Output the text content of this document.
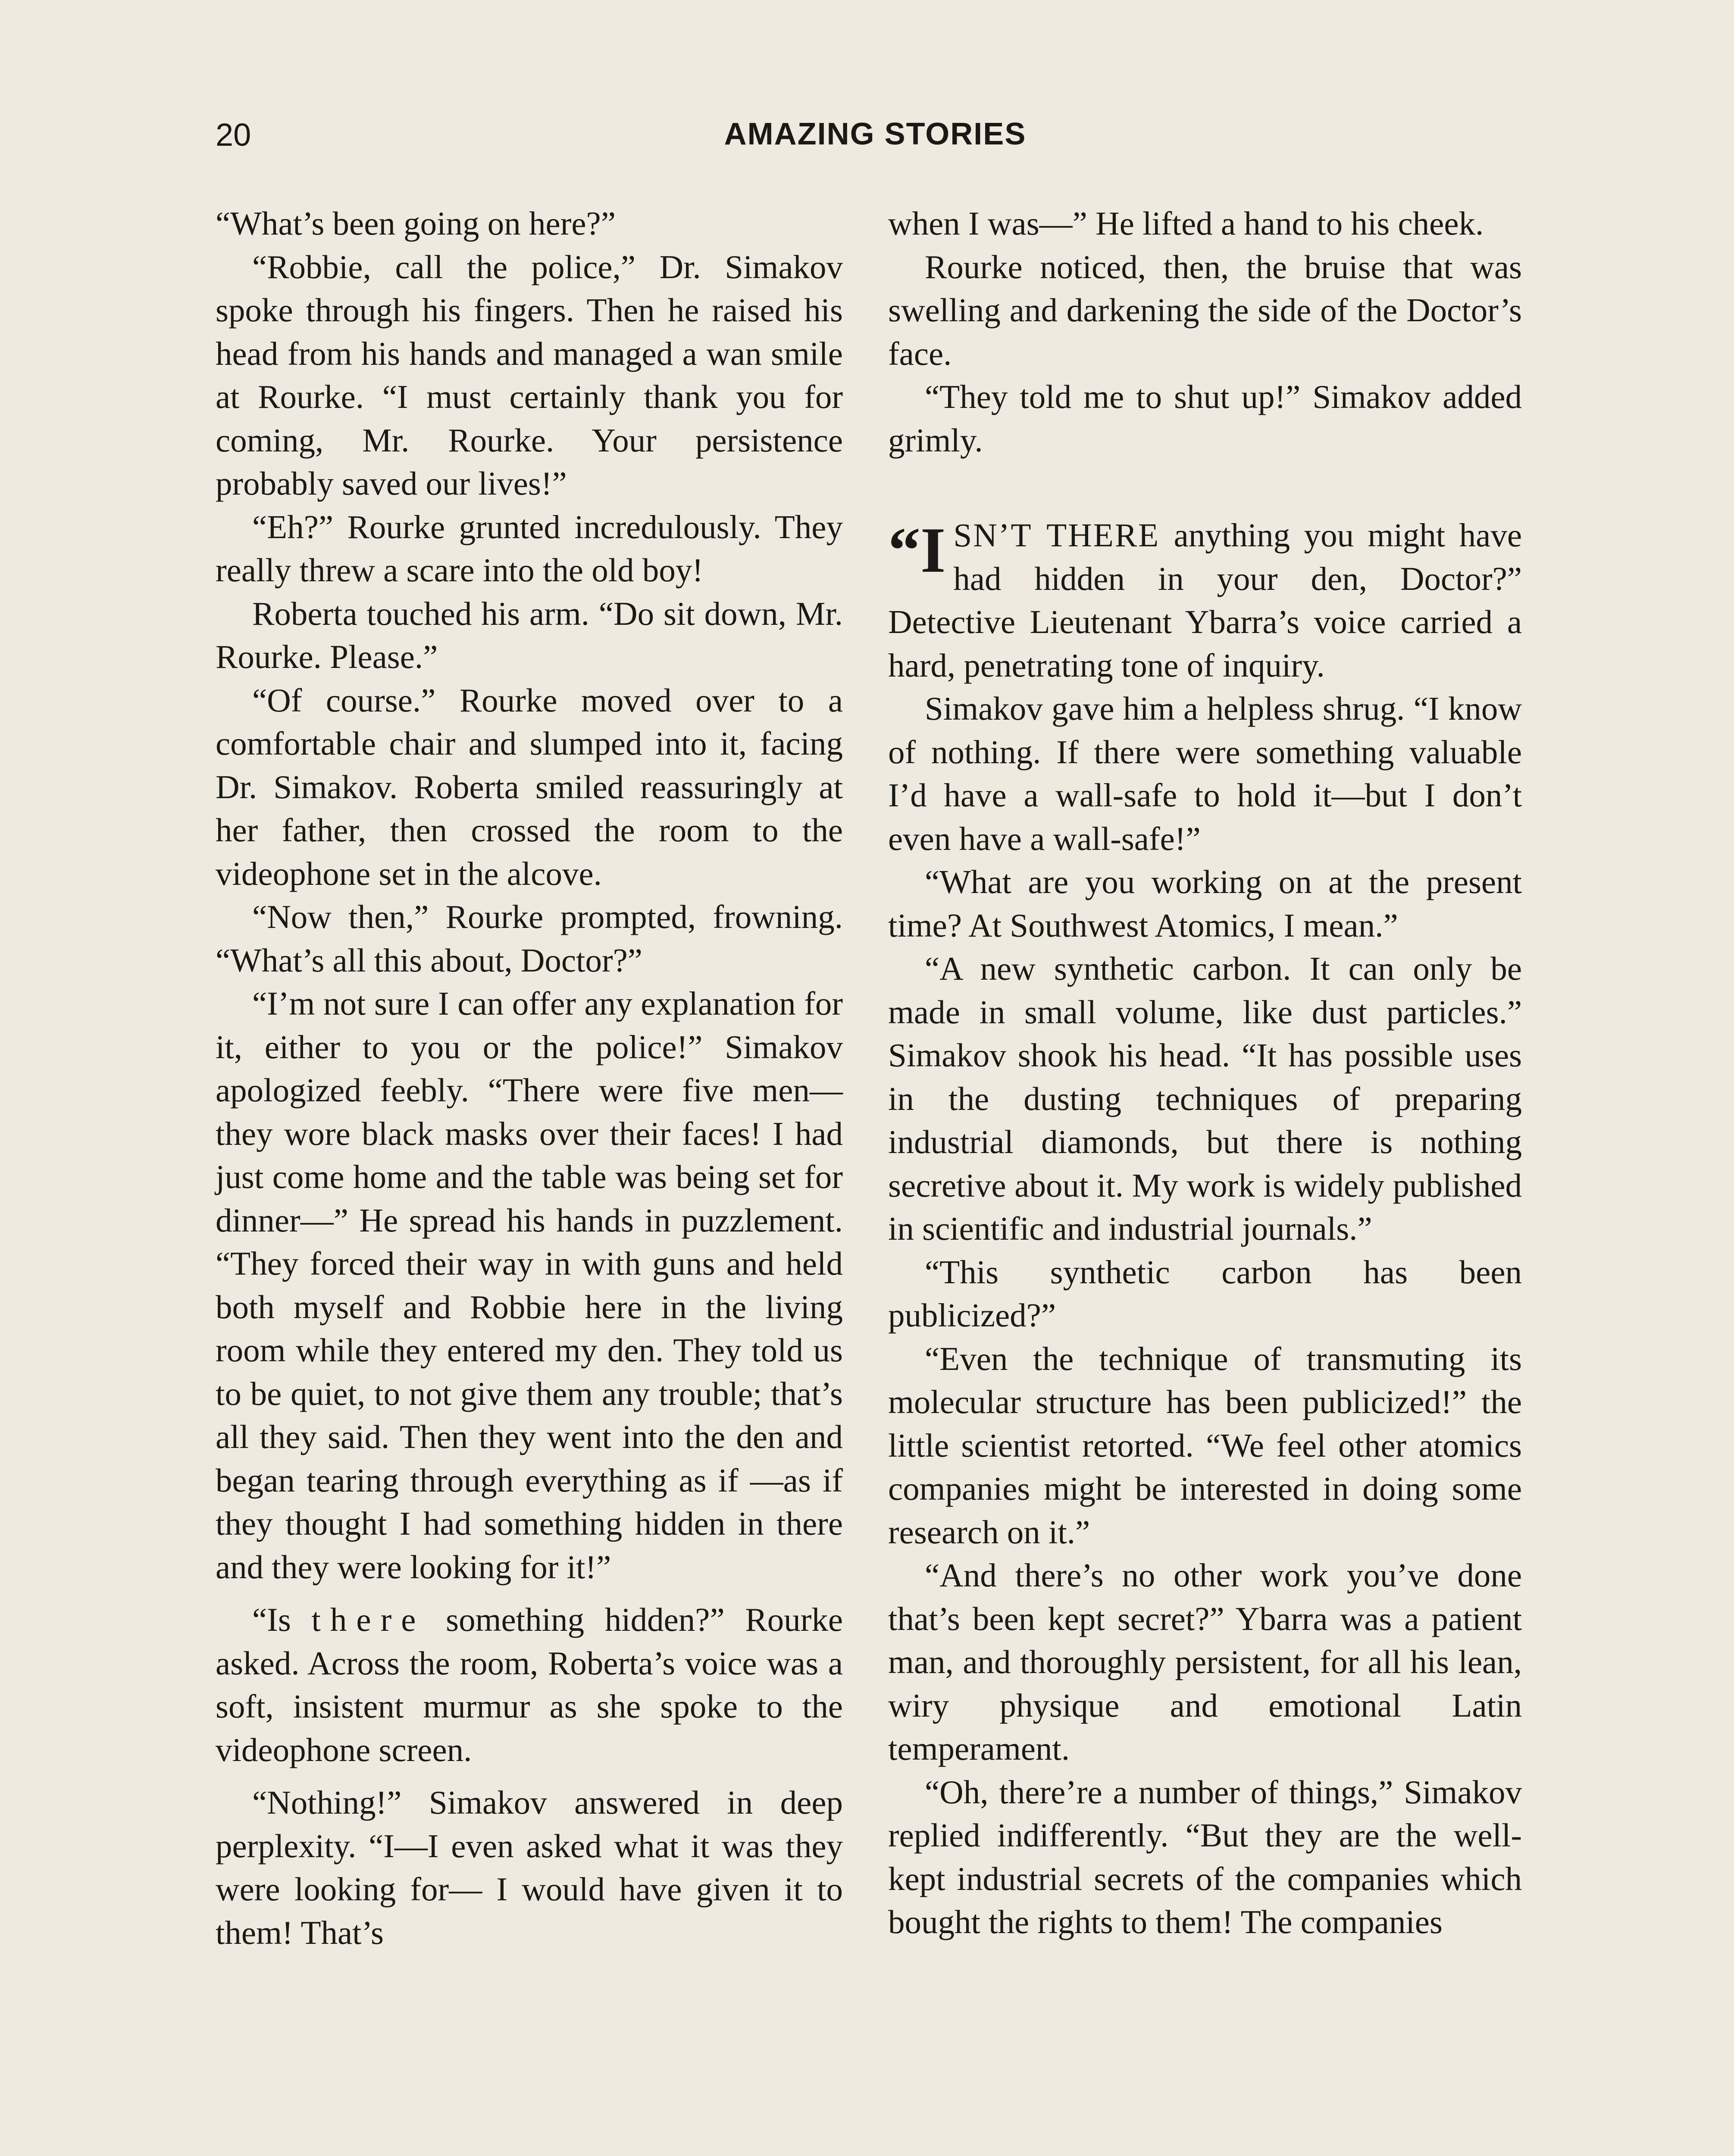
20	AMAZING STORIES

“What’s been going on here?”

“Robbie, call the police,” Dr. Simakov spoke through his fingers. Then he raised his head from his hands and managed a wan smile at Rourke. “I must certainly thank you for coming, Mr. Rourke. Your persistence probably saved our lives!”

“Eh?” Rourke grunted incredulously. They really threw a scare into the old boy!

Roberta touched his arm. “Do sit down, Mr. Rourke. Please.”

“Of course.” Rourke moved over to a comfortable chair and slumped into it, facing Dr. Simakov. Roberta smiled reassuringly at her father, then crossed the room to the videophone set in the alcove.

“Now then,” Rourke prompted, frowning. “What’s all this about, Doctor?”

“I’m not sure I can offer any explanation for it, either to you or the police!” Simakov apologized feebly. “There were five men—they wore black masks over their faces! I had just come home and the table was being set for dinner—” He spread his hands in puzzlement. “They forced their way in with guns and held both myself and Robbie here in the living room while they entered my den. They told us to be quiet, to not give them any trouble; that’s all they said. Then they went into the den and began tearing through everything as if —as if they thought I had something hidden in there and they were looking for it!”

“Is there something hidden?” Rourke asked. Across the room, Roberta’s voice was a soft, insistent murmur as she spoke to the videophone screen.

“Nothing!” Simakov answered in deep perplexity. “I—I even asked what it was they were looking for— I would have given it to them! That’s

when I was—” He lifted a hand to his cheek.

Rourke noticed, then, the bruise that was swelling and darkening the side of the Doctor’s face.

“They told me to shut up!” Simakov added grimly.

“ISN’T THERE anything you might have had hidden in your den, Doctor?” Detective Lieutenant Ybarra’s voice carried a hard, penetrating tone of inquiry.

Simakov gave him a helpless shrug. “I know of nothing. If there were something valuable I’d have a wall-safe to hold it—but I don’t even have a wall-safe!”

“What are you working on at the present time? At Southwest Atomics, I mean.”

“A new synthetic carbon. It can only be made in small volume, like dust particles.” Simakov shook his head. “It has possible uses in the dusting techniques of preparing industrial diamonds, but there is nothing secretive about it. My work is widely published in scientific and industrial journals.”

“This synthetic carbon has been publicized?”

“Even the technique of transmuting its molecular structure has been publicized!” the little scientist retorted. “We feel other atomics companies might be interested in doing some research on it.”

“And there’s no other work you’ve done that’s been kept secret?” Ybarra was a patient man, and thoroughly persistent, for all his lean, wiry physique and emotional Latin temperament.

“Oh, there’re a number of things,” Simakov replied indifferently. “But they are the well-kept industrial secrets of the companies which bought the rights to them! The companies
